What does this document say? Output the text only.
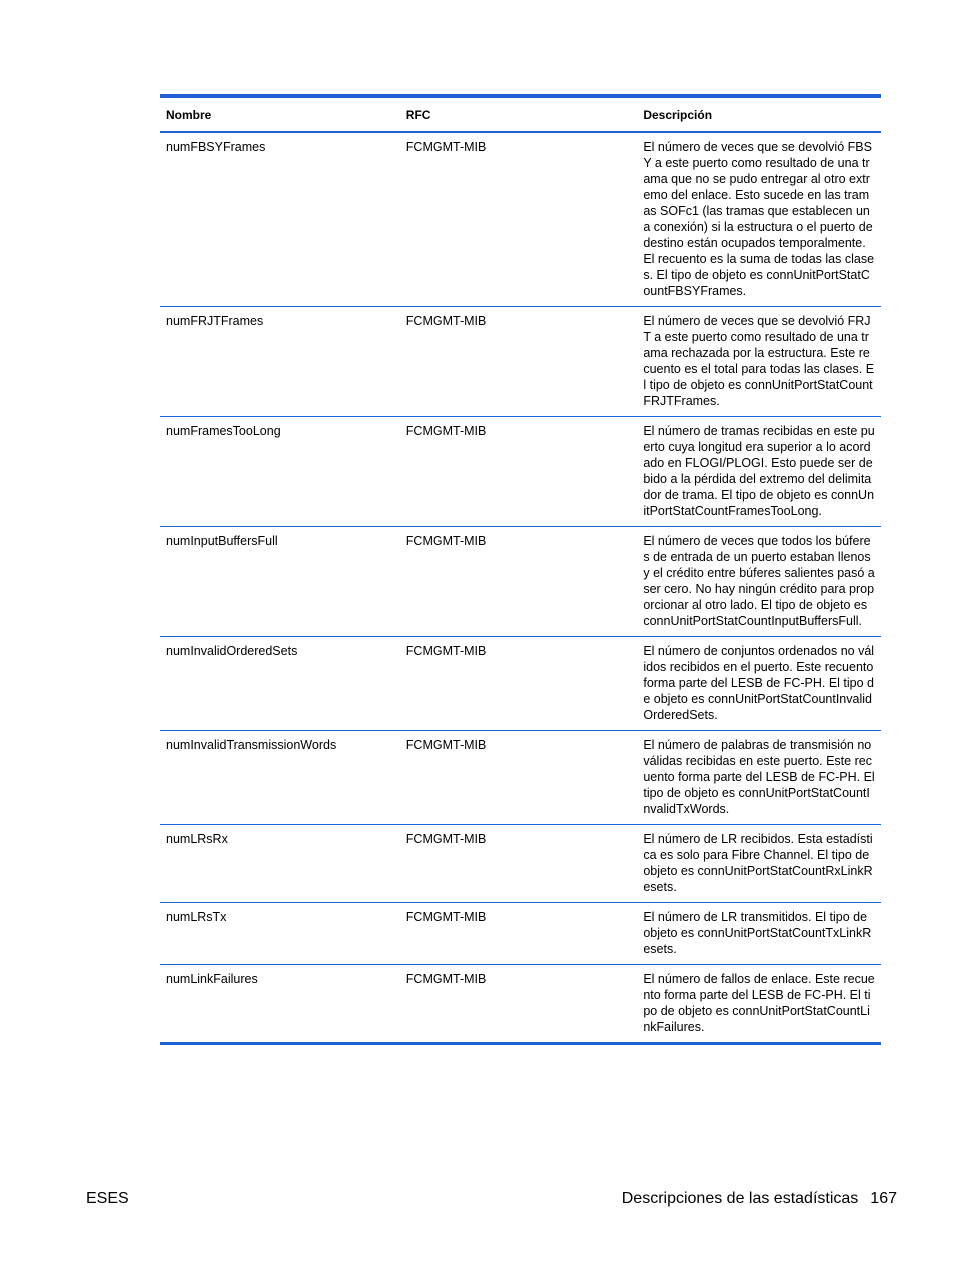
Nombre	RFC	Descripción
numFBSYFrames	FCMGMT-MIB	El número de veces que se devolvió FBSY a este puerto como resultado de una trama que no se pudo entregar al otro extremo del enlace. Esto sucede en las tramas SOFc1 (las tramas que establecen una conexión) si la estructura o el puerto de destino están ocupados temporalmente. El recuento es la suma de todas las clases. El tipo de objeto es connUnitPortStatCountFBSYFrames.
numFRJTFrames	FCMGMT-MIB	El número de veces que se devolvió FRJT a este puerto como resultado de una trama rechazada por la estructura. Este recuento es el total para todas las clases. El tipo de objeto es connUnitPortStatCountFRJTFrames.
numFramesTooLong	FCMGMT-MIB	El número de tramas recibidas en este puerto cuya longitud era superior a lo acordado en FLOGI/PLOGI. Esto puede ser debido a la pérdida del extremo del delimitador de trama. El tipo de objeto es connUnitPortStatCountFramesTooLong.
numInputBuffersFull	FCMGMT-MIB	El número de veces que todos los búferes de entrada de un puerto estaban llenos y el crédito entre búferes salientes pasó a ser cero. No hay ningún crédito para proporcionar al otro lado. El tipo de objeto es connUnitPortStatCountInputBuffersFull.
numInvalidOrderedSets	FCMGMT-MIB	El número de conjuntos ordenados no válidos recibidos en el puerto. Este recuento forma parte del LESB de FC-PH. El tipo de objeto es connUnitPortStatCountInvalidOrderedSets.
numInvalidTransmissionWords	FCMGMT-MIB	El número de palabras de transmisión no válidas recibidas en este puerto. Este recuento forma parte del LESB de FC-PH. El tipo de objeto es connUnitPortStatCountInvalidTxWords.
numLRsRx	FCMGMT-MIB	El número de LR recibidos. Esta estadística es solo para Fibre Channel. El tipo de objeto es connUnitPortStatCountRxLinkResets.
numLRsTx	FCMGMT-MIB	El número de LR transmitidos. El tipo de objeto es connUnitPortStatCountTxLinkResets.
numLinkFailures	FCMGMT-MIB	El número de fallos de enlace. Este recuento forma parte del LESB de FC-PH. El tipo de objeto es connUnitPortStatCountLinkFailures.
ESES	Descripciones de las estadísticas 167
